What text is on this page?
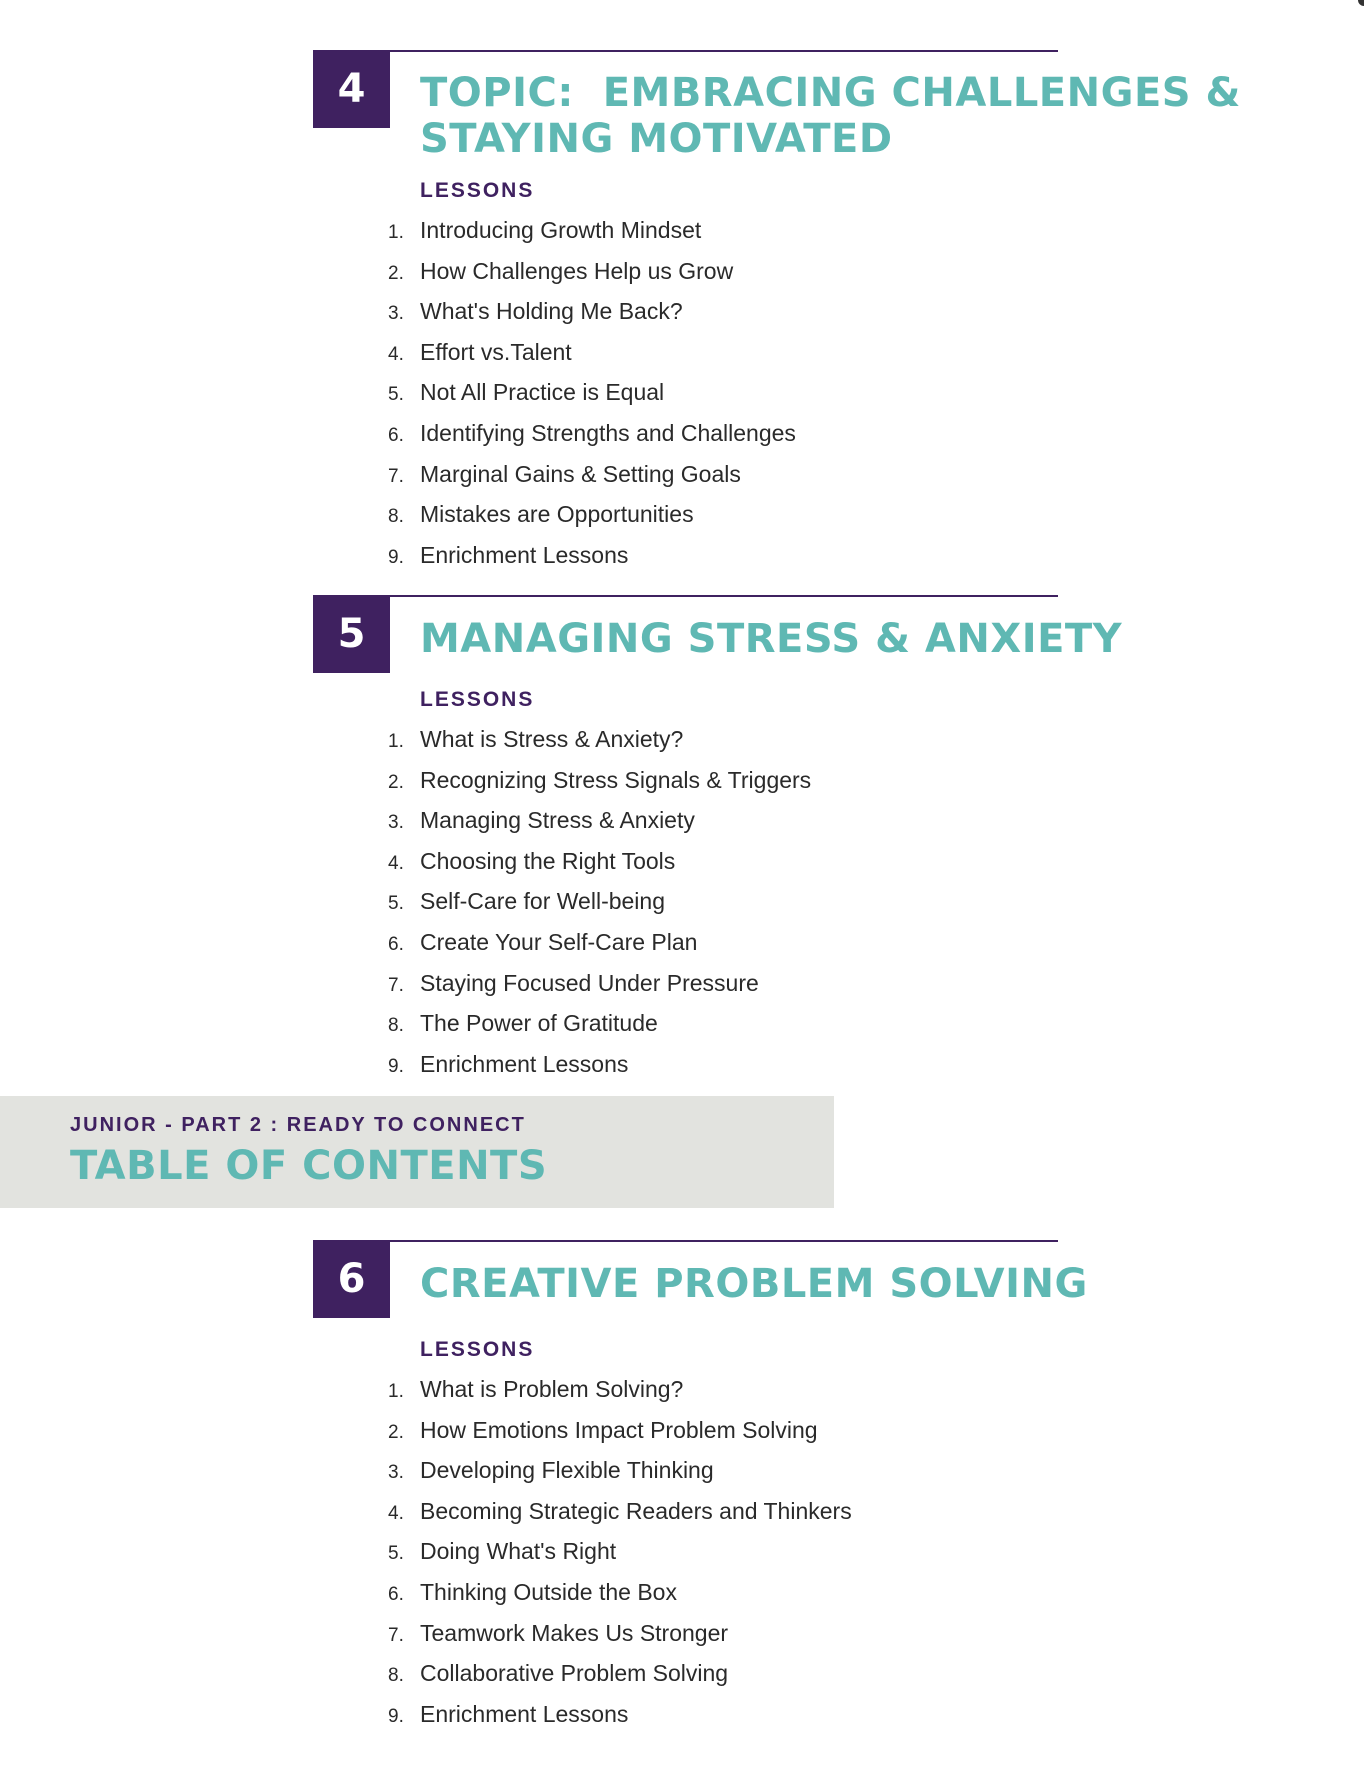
4	TOPIC:  EMBRACING CHALLENGES &
STAYING MOTIVATED
LESSONS
1. Introducing Growth Mindset
2. How Challenges Help us Grow
3. What's Holding Me Back?
4. Effort vs.Talent
5. Not All Practice is Equal
6. Identifying Strengths and Challenges
7. Marginal Gains & Setting Goals
8. Mistakes are Opportunities
9. Enrichment Lessons
5	MANAGING STRESS & ANXIETY
LESSONS
1. What is Stress & Anxiety?
2. Recognizing Stress Signals & Triggers
3. Managing Stress & Anxiety
4. Choosing the Right Tools
5. Self-Care for Well-being
6. Create Your Self-Care Plan
7. Staying Focused Under Pressure
8. The Power of Gratitude
9. Enrichment Lessons
JUNIOR - PART 2 : READY TO CONNECT
TABLE OF CONTENTS
6	CREATIVE PROBLEM SOLVING
LESSONS
1. What is Problem Solving?
2. How Emotions Impact Problem Solving
3. Developing Flexible Thinking
4. Becoming Strategic Readers and Thinkers
5. Doing What's Right
6. Thinking Outside the Box
7. Teamwork Makes Us Stronger
8. Collaborative Problem Solving
9. Enrichment Lessons
